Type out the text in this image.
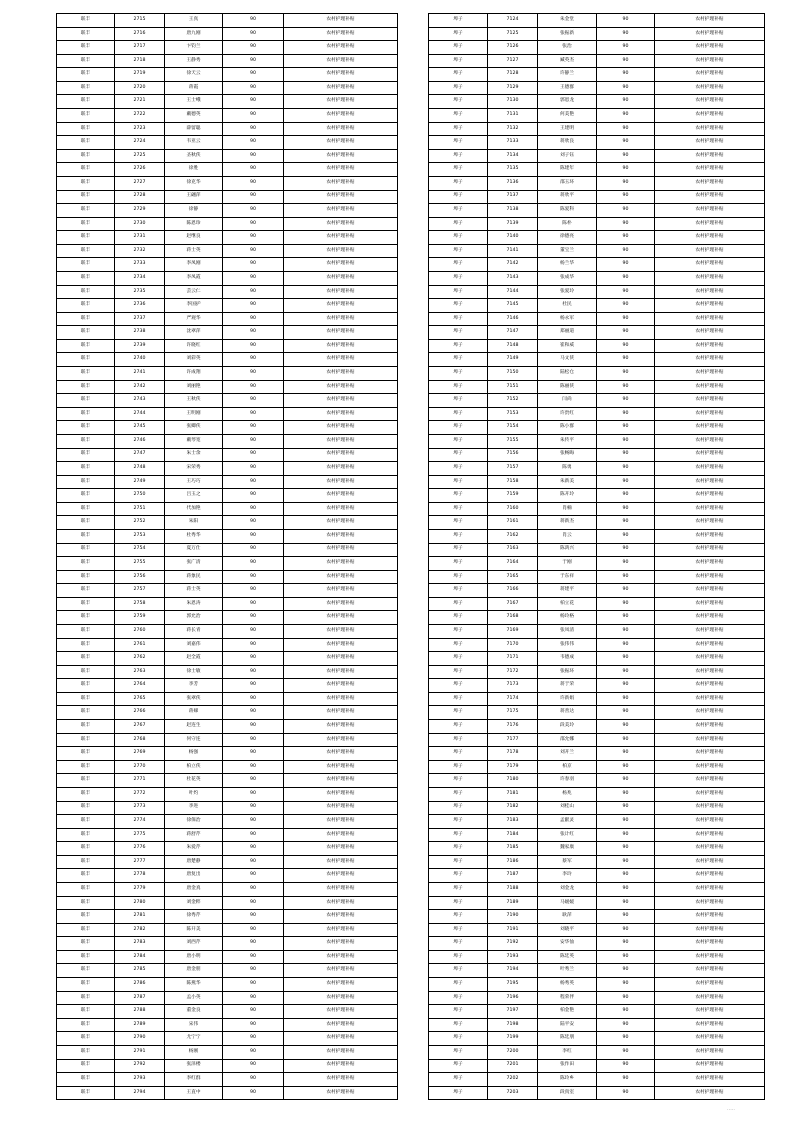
联丰	2715	王真	90	农村护理补贴
联丰	2716	唐九刚	90	农村护理补贴
联丰	2717	卞钧兰	90	农村护理补贴
联丰	2718	王静秀	90	农村护理补贴
联丰	2719	徐天云	90	农村护理补贴
联丰	2720	蒋霞	90	农村护理补贴
联丰	2721	王士峨	90	农村护理补贴
联丰	2722	戴德英	90	农村护理补贴
联丰	2723	薛留聪	90	农村护理补贴
联丰	2724	韦亚云	90	农村护理补贴
联丰	2725	圣秋侠	90	农村护理补贴
联丰	2726	徐胜	90	农村护理补贴
联丰	2727	徐克华	90	农村护理补贴
联丰	2728	王翩萍	90	农村护理补贴
联丰	2729	徐静	90	农村护理补贴
联丰	2730	陈恩珍	90	农村护理补贴
联丰	2731	赵继良	90	农村护理补贴
联丰	2732	蒋士英	90	农村护理补贴
联丰	2733	李凤刚	90	农村护理补贴
联丰	2734	李凤霞	90	农村护理补贴
联丰	2735	芸云仁	90	农村护理补贴
联丰	2736	李国护	90	农村护理补贴
联丰	2737	严观华	90	农村护理补贴
联丰	2738	沈翠萍	90	农村护理补贴
联丰	2739	许晓红	90	农村护理补贴
联丰	2740	刘彩英	90	农村护理补贴
联丰	2741	许成翔	90	农村护理补贴
联丰	2742	刘丽艳	90	农村护理补贴
联丰	2743	王秋侠	90	农村护理补贴
联丰	2744	王明刚	90	农村护理补贴
联丰	2745	张卿侠	90	农村护理补贴
联丰	2746	戴琴宽	90	农村护理补贴
联丰	2747	朱士余	90	农村护理补贴
联丰	2748	宋荣秀	90	农村护理补贴
联丰	2749	王巧巧	90	农村护理补贴
联丰	2750	吕玉之	90	农村护理补贴
联丰	2751	代加艳	90	农村护理补贴
联丰	2752	朱阳	90	农村护理补贴
联丰	2753	杜秀华	90	农村护理补贴
联丰	2754	夏万仕	90	农村护理补贴
联丰	2755	张广清	90	农村护理补贴
联丰	2756	蒋象民	90	农村护理补贴
联丰	2757	蒋士英	90	农村护理补贴
联丰	2758	朱恩涛	90	农村护理补贴
联丰	2759	郭允治	90	农村护理补贴
联丰	2760	蒋长青	90	农村护理补贴
联丰	2761	刘嘉伟	90	农村护理补贴
联丰	2762	赵全霞	90	农村护理补贴
联丰	2763	徐士敏	90	农村护理补贴
联丰	2764	李芳	90	农村护理补贴
联丰	2765	张翠侠	90	农村护理补贴
联丰	2766	蒋娣	90	农村护理补贴
联丰	2767	赵连生	90	农村护理补贴
联丰	2768	何守连	90	农村护理补贴
联丰	2769	杨强	90	农村护理补贴
联丰	2770	柏立侠	90	农村护理补贴
联丰	2771	杜花英	90	农村护理补贴
联丰	2772	叶灼	90	农村护理补贴
联丰	2773	李进	90	农村护理补贴
联丰	2774	徐保治	90	农村护理补贴
联丰	2775	蒋舒芹	90	农村护理补贴
联丰	2776	朱爱芹	90	农村护理补贴
联丰	2777	唐楚静	90	农村护理补贴
联丰	2778	唐复出	90	农村护理补贴
联丰	2779	唐金真	90	农村护理补贴
联丰	2780	刘金粹	90	农村护理补贴
联丰	2781	徐秀芹	90	农村护理补贴
联丰	2782	陈开美	90	农村护理补贴
联丰	2783	刘西芹	90	农村护理补贴
联丰	2784	唐小明	90	农村护理补贴
联丰	2785	唐金朋	90	农村护理补贴
联丰	2786	陈燕华	90	农村护理补贴
联丰	2787	孟小英	90	农村护理补贴
联丰	2788	董金良	90	农村护理补贴
联丰	2789	宋伟	90	农村护理补贴
联丰	2790	尤宁宁	90	农村护理补贴
联丰	2791	杨刚	90	农村护理补贴
联丰	2792	张泽楼	90	农村护理补贴
联丰	2793	李红群	90	农村护理补贴
联丰	2794	王直中	90	农村护理补贴
埠子	7124	朱金堂	90	农村护理补贴
埠子	7125	张振新	90	农村护理补贴
埠子	7126	张治	90	农村护理补贴
埠子	7127	臧英杰	90	农村护理补贴
埠子	7128	许静兰	90	农村护理补贴
埠子	7129	王德群	90	农村护理补贴
埠子	7130	郭恩龙	90	农村护理补贴
埠子	7131	何美艳	90	农村护理补贴
埠子	7132	王建明	90	农村护理补贴
埠子	7133	蒋欣良	90	农村护理补贴
埠子	7134	刘子钰	90	农村护理补贴
埠子	7135	陈建年	90	农村护理补贴
埠子	7136	邵玉环	90	农村护理补贴
埠子	7137	蒋欣平	90	农村护理补贴
埠子	7138	陈爱科	90	农村护理补贴
埠子	7139	陈朴	90	农村护理补贴
埠子	7140	徐德亮	90	农村护理补贴
埠子	7141	董宝兰	90	农村护理补贴
埠子	7142	杨兰华	90	农村护理补贴
埠子	7143	张成华	90	农村护理补贴
埠子	7144	张爱玲	90	农村护理补贴
埠子	7145	杜民	90	农村护理补贴
埠子	7146	杨永军	90	农村护理补贴
埠子	7147	郑丽道	90	农村护理补贴
埠子	7148	崔和威	90	农村护理补贴
埠子	7149	马文侠	90	农村护理补贴
埠子	7150	陆松仓	90	农村护理补贴
埠子	7151	陈丽侠	90	农村护理补贴
埠子	7152	闫尚	90	农村护理补贴
埠子	7153	许贵红	90	农村护理补贴
埠子	7154	陈小群	90	农村护理补贴
埠子	7155	朱传平	90	农村护理补贴
埠子	7156	张畅晦	90	农村护理补贴
埠子	7157	陈勇	90	农村护理补贴
埠子	7158	朱新美	90	农村护理补贴
埠子	7159	陈开玲	90	农村护理补贴
埠子	7160	肖楠	90	农村护理补贴
埠子	7161	蒋新杰	90	农村护理补贴
埠子	7162	肖云	90	农村护理补贴
埠子	7163	陈鸿兴	90	农村护理补贴
埠子	7164	于刚	90	农村护理补贴
埠子	7165	于东祥	90	农村护理补贴
埠子	7166	蒋建平	90	农村护理补贴
埠子	7167	柏立花	90	农村护理补贴
埠子	7168	杨玲格	90	农村护理补贴
埠子	7169	张凤清	90	农村护理补贴
埠子	7170	张伟伟	90	农村护理补贴
埠子	7171	韦德成	90	农村护理补贴
埠子	7172	张振环	90	农村护理补贴
埠子	7173	蒋于荣	90	农村护理补贴
埠子	7174	许新娟	90	农村护理补贴
埠子	7175	蒋善达	90	农村护理补贴
埠子	7176	段美玲	90	农村护理补贴
埠子	7177	邵允娜	90	农村护理补贴
埠子	7178	刘开兰	90	农村护理补贴
埠子	7179	柏京	90	农村护理补贴
埠子	7180	许春羽	90	农村护理补贴
埠子	7181	杨兆	90	农村护理补贴
埠子	7182	刘桂山	90	农村护理补贴
埠子	7183	孟献灵	90	农村护理补贴
埠子	7184	张计红	90	农村护理补贴
埠子	7185	魏家康	90	农村护理补贴
埠子	7186	蔡军	90	农村护理补贴
埠子	7187	李玲	90	农村护理补贴
埠子	7188	刘金龙	90	农村护理补贴
埠子	7189	马媛媛	90	农村护理补贴
埠子	7190	耿萍	90	农村护理补贴
埠子	7191	刘晓平	90	农村护理补贴
埠子	7192	安华仙	90	农村护理补贴
埠子	7193	陈廷英	90	农村护理补贴
埠子	7194	叶秀兰	90	农村护理补贴
埠子	7195	杨秀英	90	农村护理补贴
埠子	7196	程荣伴	90	农村护理补贴
埠子	7197	柏金艳	90	农村护理补贴
埠子	7198	陆平安	90	农村护理补贴
埠子	7199	陈廷朋	90	农村护理补贴
埠子	7200	李红	90	农村护理补贴
埠子	7201	张作田	90	农村护理补贴
埠子	7202	陈玲乡	90	农村护理补贴
埠子	7203	段真室	90	农村护理补贴
·····
